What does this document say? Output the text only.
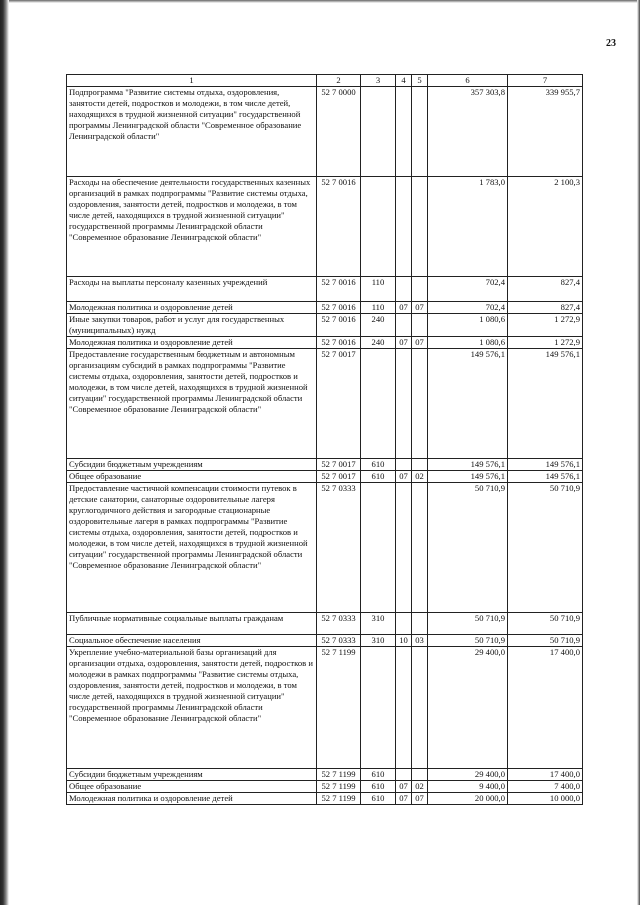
23
1	2	3	4	5	6	7
Подпрограмма "Развитие системы отдыха, оздоровления, занятости детей, подростков и молодежи, в том числе детей, находящихся в трудной жизненной ситуации" государственной программы Ленинградской области "Современное образование Ленинградской области"	52 7 0000				357 303,8	339 955,7
Расходы на обеспечение деятельности государственных казенных организаций в рамках подпрограммы "Развитие системы отдыха, оздоровления, занятости детей, подростков и молодежи, в том числе детей, находящихся в трудной жизненной ситуации" государственной программы Ленинградской области "Современное образование Ленинградской области"	52 7 0016				1 783,0	2 100,3
Расходы на выплаты персоналу казенных учреждений	52 7 0016	110			702,4	827,4
Молодежная политика и оздоровление детей	52 7 0016	110	07	07	702,4	827,4
Иные закупки товаров, работ и услуг для государственных (муниципальных) нужд	52 7 0016	240			1 080,6	1 272,9
Молодежная политика и оздоровление детей	52 7 0016	240	07	07	1 080,6	1 272,9
Предоставление государственным бюджетным и автономным организациям субсидий в рамках подпрограммы "Развитие системы отдыха, оздоровления, занятости детей, подростков и молодежи, в том числе детей, находящихся в трудной жизненной ситуации" государственной программы Ленинградской области "Современное образование Ленинградской области"	52 7 0017				149 576,1	149 576,1
Субсидии бюджетным учреждениям	52 7 0017	610			149 576,1	149 576,1
Общее образование	52 7 0017	610	07	02	149 576,1	149 576,1
Предоставление частичной компенсации стоимости путевок в детские санатории, санаторные оздоровительные лагеря круглогодичного действия и загородные стационарные оздоровительные лагеря в рамках подпрограммы "Развитие системы отдыха, оздоровления, занятости детей, подростков и молодежи, в том числе детей, находящихся в трудной жизненной ситуации" государственной программы Ленинградской области "Современное образование Ленинградской области"	52 7 0333				50 710,9	50 710,9
Публичные нормативные социальные выплаты гражданам	52 7 0333	310			50 710,9	50 710,9
Социальное обеспечение населения	52 7 0333	310	10	03	50 710,9	50 710,9
Укрепление учебно-материальной базы организаций для организации отдыха, оздоровления, занятости детей, подростков и молодежи в рамках подпрограммы "Развитие системы отдыха, оздоровления, занятости детей, подростков и молодежи, в том числе детей, находящихся в трудной жизненной ситуации" государственной программы Ленинградской области "Современное образование Ленинградской области"	52 7 1199				29 400,0	17 400,0
Субсидии бюджетным учреждениям	52 7 1199	610			29 400,0	17 400,0
Общее образование	52 7 1199	610	07	02	9 400,0	7 400,0
Молодежная политика и оздоровление детей	52 7 1199	610	07	07	20 000,0	10 000,0
